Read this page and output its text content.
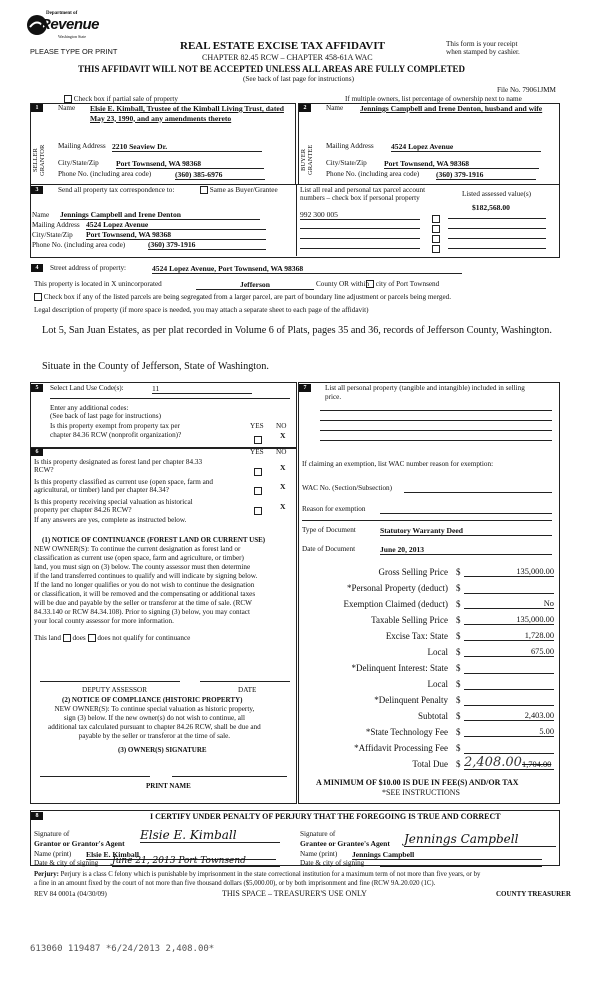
Department of
Revenue
Washington State
PLEASE TYPE OR PRINT	REAL ESTATE EXCISE TAX AFFIDAVIT
CHAPTER 82.45 RCW – CHAPTER 458-61A WAC
THIS AFFIDAVIT WILL NOT BE ACCEPTED UNLESS ALL AREAS ARE FULLY COMPLETED
(See back of last page for instructions)
This form is your receipt
when stamped by cashier.
File No. 79061JMM
Check box if partial sale of property	If multiple owners, list percentage of ownership next to name
1	2
SELLER GRANTOR	BUYER GRANTEE
Name Elsie E. Kimball, Trustee of the Kimball Living Trust, dated May 23, 1990, and any amendments thereto
Mailing Address 2210 Seaview Dr.
City/State/Zip Port Townsend, WA 98368
Phone No. (including area code)	(360) 385-6976
Name Jennings Campbell and Irene Denton, husband and wife
Mailing Address 4524 Lopez Avenue
City/State/Zip Port Townsend, WA 98368
Phone No. (including area code) (360) 379-1916
3	Send all property tax correspondence to:	Same as Buyer/Grantee
Name Jennings Campbell and Irene Denton
Mailing Address 4524 Lopez Avenue
City/State/Zip Port Townsend, WA 98368
Phone No. (including area code)	(360) 379-1916
List all real and personal tax parcel account
numbers – check box if personal property	Listed assessed value(s)
$182,568.00
992 300 005
4	Street address of property:	4524 Lopez Avenue, Port Townsend, WA 98368
This property is located in X unincorporated	Jefferson	County OR within city of Port Townsend
Check box if any of the listed parcels are being segregated from a larger parcel, are part of boundary line adjustment or parcels being merged.
Legal description of property (if more space is needed, you may attach a separate sheet to each page of the affidavit)
Lot 5, San Juan Estates, as per plat recorded in Volume 6 of Plats, pages 35 and 36, records of Jefferson County, Washington.
Situate in the County of Jefferson, State of Washington.
5	Select Land Use Code(s):	11
Enter any additional codes:
(See back of last page for instructions)
Is this property exempt from property tax per
chapter 84.36 RCW (nonprofit organization)?
YES NO
X
6	YES NO
Is this property designated as forest land per chapter 84.33
RCW?	X
Is this property classified as current use (open space, farm and
agricultural, or timber) land per chapter 84.34?	X
Is this property receiving special valuation as historical
property per chapter 84.26 RCW?	X
If any answers are yes, complete as instructed below.
(1) NOTICE OF CONTINUANCE (FOREST LAND OR CURRENT USE)
NEW OWNER(S): To continue the current designation as forest land or
classification as current use (open space, farm and agriculture, or timber)
land, you must sign on (3) below. The county assessor must then determine
if the land transferred continues to qualify and will indicate by signing below.
If the land no longer qualifies or you do not wish to continue the designation
or classification, it will be removed and the compensating or additional taxes
will be due and payable by the seller or transferor at the time of sale. (RCW
84.33.140 or RCW 84.34.108). Prior to signing (3) below, you may contact
your local county assessor for more information.
This land does does not qualify for continuance
DEPUTY ASSESSOR	DATE
(2) NOTICE OF COMPLIANCE (HISTORIC PROPERTY)
NEW OWNER(S): To continue special valuation as historic property,
sign (3) below. If the new owner(s) do not wish to continue, all
additional tax calculated pursuant to chapter 84.26 RCW, shall be due and
payable by the seller or transferor at the time of sale.
(3) OWNER(S) SIGNATURE
PRINT NAME
7	List all personal property (tangible and intangible) included in selling
price.
If claiming an exemption, list WAC number reason for exemption:
WAC No. (Section/Subsection)
Reason for exemption
Type of Document	Statutory Warranty Deed
Date of Document	June 20, 2013
Gross Selling Price $	135,000.00
*Personal Property (deduct) $
Exemption Claimed (deduct) $	No
Taxable Selling Price $	135,000.00
Excise Tax: State $	1,728.00
Local $	675.00
*Delinquent Interest: State $
Local $
*Delinquent Penalty $
Subtotal $	2,403.00
*State Technology Fee $	5.00
*Affidavit Processing Fee $
Total Due $ 2,408.00 1,704.00
A MINIMUM OF $10.00 IS DUE IN FEE(S) AND/OR TAX
*SEE INSTRUCTIONS
8	I CERTIFY UNDER PENALTY OF PERJURY THAT THE FOREGOING IS TRUE AND CORRECT
Signature of
Grantor or Grantor's Agent
Elsie E. Kimball
Name (print) Elsie E. Kimball
Date & city of signing June 21, 2013 Port Townsend
Signature of
Grantee or Grantee's Agent Jennings Campbell
Name (print) Jennings Campbell
Date & city of signing
Perjury: Perjury is a class C felony which is punishable by imprisonment in the state correctional institution for a maximum term of not more than five years, or by
a fine in an amount fixed by the court of not more than five thousand dollars ($5,000.00), or by both imprisonment and fine (RCW 9A.20.020 (1C).
REV 84 0001a (04/30/09)	THIS SPACE – TREASURER'S USE ONLY	COUNTY TREASURER
613060 119487 *6/24/2013 2,408.00*
